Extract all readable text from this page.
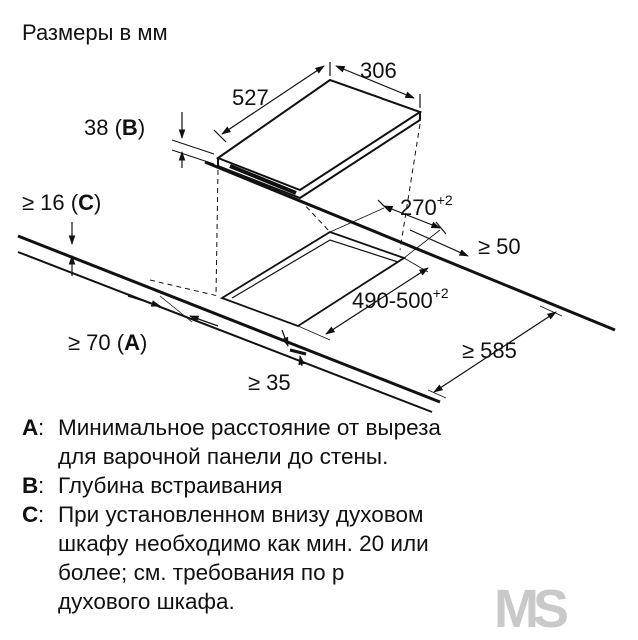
Размеры в мм
306
527
38 (B)
$270^{+2}$
$490-500^{+2}$
≥ 50
≥ 16 (C)
≥ 70 (A)
≥ 35
≥ 585
A : Минимальное расстояние от выреза
для варочной панели до стены.
B : Глубина встраивания
C : При установленном внизу духовом
шкафу необходимо как мин. 20 или
более; см. требования по р
духового шкафа.	MS
